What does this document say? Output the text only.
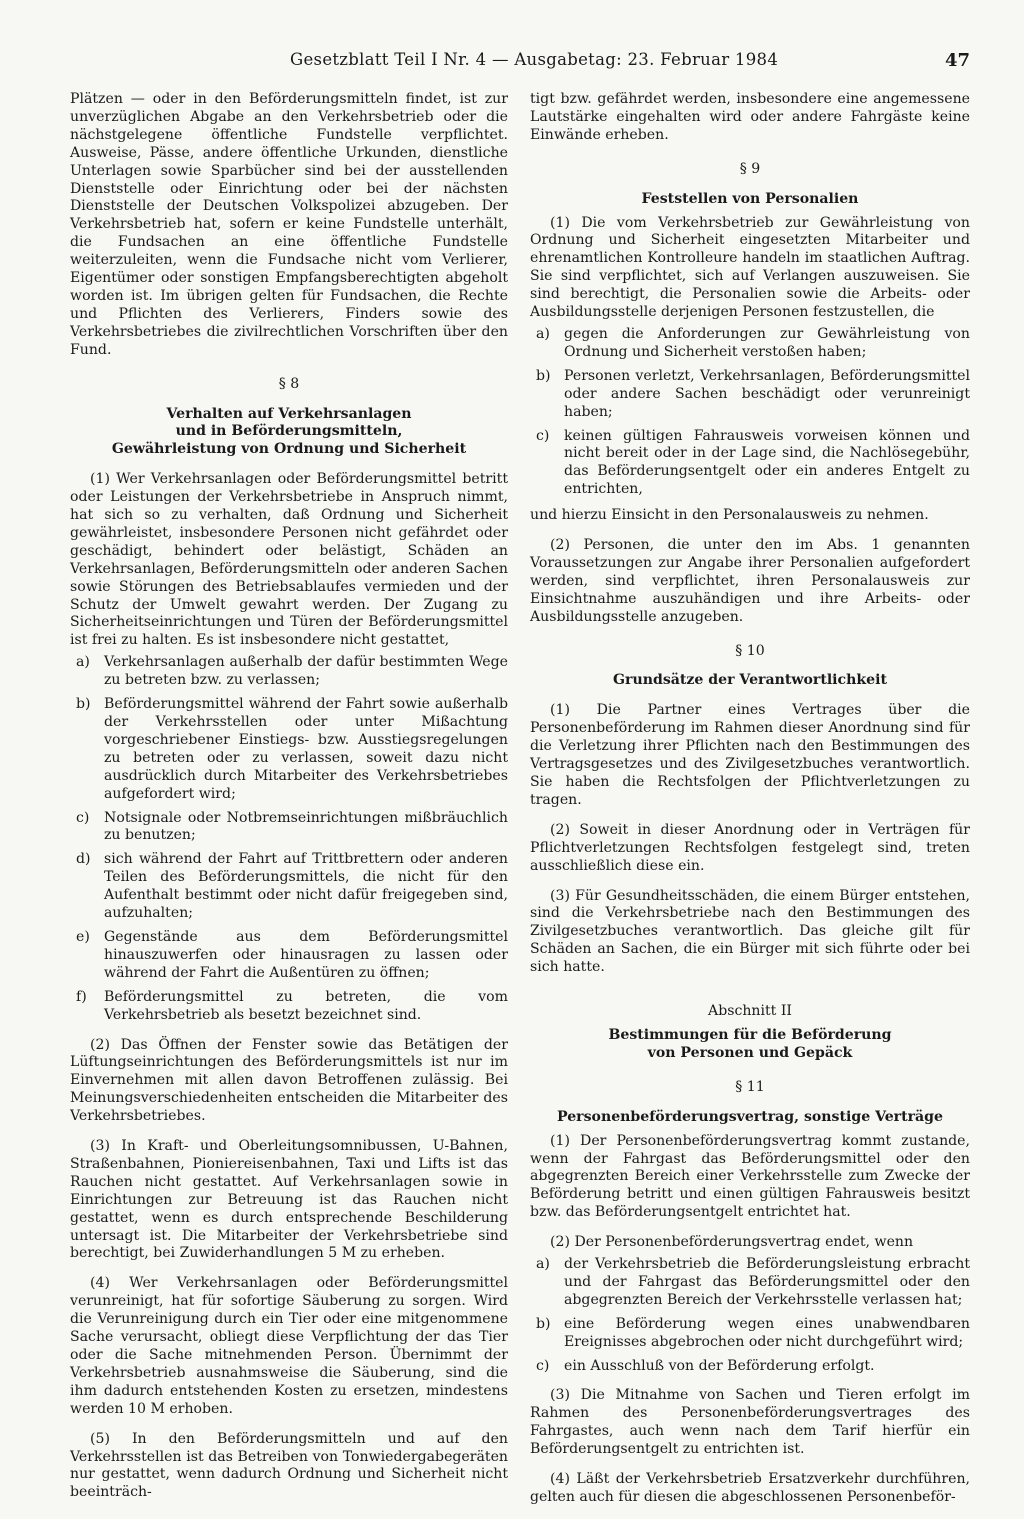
Gesetzblatt Teil I Nr. 4 — Ausgabetag: 23. Februar 1984	47

Plätzen — oder in den Beförderungsmitteln findet, ist zur unverzüglichen Abgabe an den Verkehrsbetrieb oder die nächstgelegene öffentliche Fundstelle verpflichtet. Ausweise, Pässe, andere öffentliche Urkunden, dienstliche Unterlagen sowie Sparbücher sind bei der ausstellenden Dienststelle oder Einrichtung oder bei der nächsten Dienststelle der Deutschen Volkspolizei abzugeben. Der Verkehrsbetrieb hat, sofern er keine Fundstelle unterhält, die Fundsachen an eine öffentliche Fundstelle weiterzuleiten, wenn die Fundsache nicht vom Verlierer, Eigentümer oder sonstigen Empfangsberechtigten abgeholt worden ist. Im übrigen gelten für Fundsachen, die Rechte und Pflichten des Verlierers, Finders sowie des Verkehrsbetriebes die zivilrechtlichen Vorschriften über den Fund.

§ 8

Verhalten auf Verkehrsanlagen
und in Beförderungsmitteln,
Gewährleistung von Ordnung und Sicherheit

(1) Wer Verkehrsanlagen oder Beförderungsmittel betritt oder Leistungen der Verkehrsbetriebe in Anspruch nimmt, hat sich so zu verhalten, daß Ordnung und Sicherheit gewährleistet, insbesondere Personen nicht gefährdet oder geschädigt, behindert oder belästigt, Schäden an Verkehrsanlagen, Beförderungsmitteln oder anderen Sachen sowie Störungen des Betriebsablaufes vermieden und der Schutz der Umwelt gewahrt werden. Der Zugang zu Sicherheitseinrichtungen und Türen der Beförderungsmittel ist frei zu halten. Es ist insbesondere nicht gestattet,

a) Verkehrsanlagen außerhalb der dafür bestimmten Wege zu betreten bzw. zu verlassen;
b) Beförderungsmittel während der Fahrt sowie außerhalb der Verkehrsstellen oder unter Mißachtung vorgeschriebener Einstiegs- bzw. Ausstiegsregelungen zu betreten oder zu verlassen, soweit dazu nicht ausdrücklich durch Mitarbeiter des Verkehrsbetriebes aufgefordert wird;
c)	Notsignale oder Notbremseinrichtungen mißbräuchlich zu benutzen;
d) sich während der Fahrt auf Trittbrettern oder anderen Teilen des Beförderungsmittels, die nicht für den Aufenthalt bestimmt oder nicht dafür freigegeben sind, aufzuhalten;
e)	Gegenstände aus dem Beförderungsmittel hinauszuwerfen oder hinausragen zu lassen oder während der Fahrt die Außentüren zu öffnen;
f)	Beförderungsmittel zu betreten, die vom Verkehrsbetrieb als besetzt bezeichnet sind.

(2) Das Öffnen der Fenster sowie das Betätigen der Lüftungseinrichtungen des Beförderungsmittels ist nur im Einvernehmen mit allen davon Betroffenen zulässig. Bei Meinungsverschiedenheiten entscheiden die Mitarbeiter des Verkehrsbetriebes.

(3) In Kraft- und Oberleitungsomnibussen, U-Bahnen, Straßenbahnen, Pioniereisenbahnen, Taxi und Lifts ist das Rauchen nicht gestattet. Auf Verkehrsanlagen sowie in Einrichtungen zur Betreuung ist das Rauchen nicht gestattet, wenn es durch entsprechende Beschilderung untersagt ist. Die Mitarbeiter der Verkehrsbetriebe sind berechtigt, bei Zuwiderhandlungen 5 M zu erheben.

(4) Wer Verkehrsanlagen oder Beförderungsmittel verunreinigt, hat für sofortige Säuberung zu sorgen. Wird die Verunreinigung durch ein Tier oder eine mitgenommene Sache verursacht, obliegt diese Verpflichtung der das Tier oder die Sache mitnehmenden Person. Übernimmt der Verkehrsbetrieb ausnahmsweise die Säuberung, sind die ihm dadurch entstehenden Kosten zu ersetzen, mindestens werden 10 M erhoben.

(5) In den Beförderungsmitteln und auf den Verkehrsstellen ist das Betreiben von Tonwiedergabegeräten nur gestattet, wenn dadurch Ordnung und Sicherheit nicht beeinträch-

tigt bzw. gefährdet werden, insbesondere eine angemessene Lautstärke eingehalten wird oder andere Fahrgäste keine Einwände erheben.

§ 9

Feststellen von Personalien

(1) Die vom Verkehrsbetrieb zur Gewährleistung von Ordnung und Sicherheit eingesetzten Mitarbeiter und ehrenamtlichen Kontrolleure handeln im staatlichen Auftrag. Sie sind verpflichtet, sich auf Verlangen auszuweisen. Sie sind berechtigt, die Personalien sowie die Arbeits- oder Ausbildungsstelle derjenigen Personen festzustellen, die

a) gegen die Anforderungen zur Gewährleistung von Ordnung und Sicherheit verstoßen haben;
b) Personen verletzt, Verkehrsanlagen, Beförderungsmittel oder andere Sachen beschädigt oder verunreinigt haben;
c)	keinen gültigen Fahrausweis vorweisen können und nicht bereit oder in der Lage sind, die Nachlösegebühr, das Beförderungsentgelt oder ein anderes Entgelt zu entrichten,

und hierzu Einsicht in den Personalausweis zu nehmen.

(2) Personen, die unter den im Abs. 1 genannten Voraussetzungen zur Angabe ihrer Personalien aufgefordert werden, sind verpflichtet, ihren Personalausweis zur Einsichtnahme auszuhändigen und ihre Arbeits- oder Ausbildungsstelle anzugeben.

§ 10

Grundsätze der Verantwortlichkeit

(1) Die Partner eines Vertrages über die Personenbeförderung im Rahmen dieser Anordnung sind für die Verletzung ihrer Pflichten nach den Bestimmungen des Vertragsgesetzes und des Zivilgesetzbuches verantwortlich. Sie haben die Rechtsfolgen der Pflichtverletzungen zu tragen.

(2) Soweit in dieser Anordnung oder in Verträgen für Pflichtverletzungen Rechtsfolgen festgelegt sind, treten ausschließlich diese ein.

(3) Für Gesundheitsschäden, die einem Bürger entstehen, sind die Verkehrsbetriebe nach den Bestimmungen des Zivilgesetzbuches verantwortlich. Das gleiche gilt für Schäden an Sachen, die ein Bürger mit sich führte oder bei sich hatte.

Abschnitt II

Bestimmungen für die Beförderung
von Personen und Gepäck

§ 11

Personenbeförderungsvertrag, sonstige Verträge

(1) Der Personenbeförderungsvertrag kommt zustande, wenn der Fahrgast das Beförderungsmittel oder den abgegrenzten Bereich einer Verkehrsstelle zum Zwecke der Beförderung betritt und einen gültigen Fahrausweis besitzt bzw. das Beförderungsentgelt entrichtet hat.

(2) Der Personenbeförderungsvertrag endet, wenn

a) der Verkehrsbetrieb die Beförderungsleistung erbracht und der Fahrgast das Beförderungsmittel oder den abgegrenzten Bereich der Verkehrsstelle verlassen hat;
b) eine Beförderung wegen eines unabwendbaren Ereignisses abgebrochen oder nicht durchgeführt wird;
c)	ein Ausschluß von der Beförderung erfolgt.

(3) Die Mitnahme von Sachen und Tieren erfolgt im Rahmen des Personenbeförderungsvertrages des Fahrgastes, auch wenn nach dem Tarif hierfür ein Beförderungsentgelt zu entrichten ist.

(4) Läßt der Verkehrsbetrieb Ersatzverkehr durchführen, gelten auch für diesen die abgeschlossenen Personenbeför-
